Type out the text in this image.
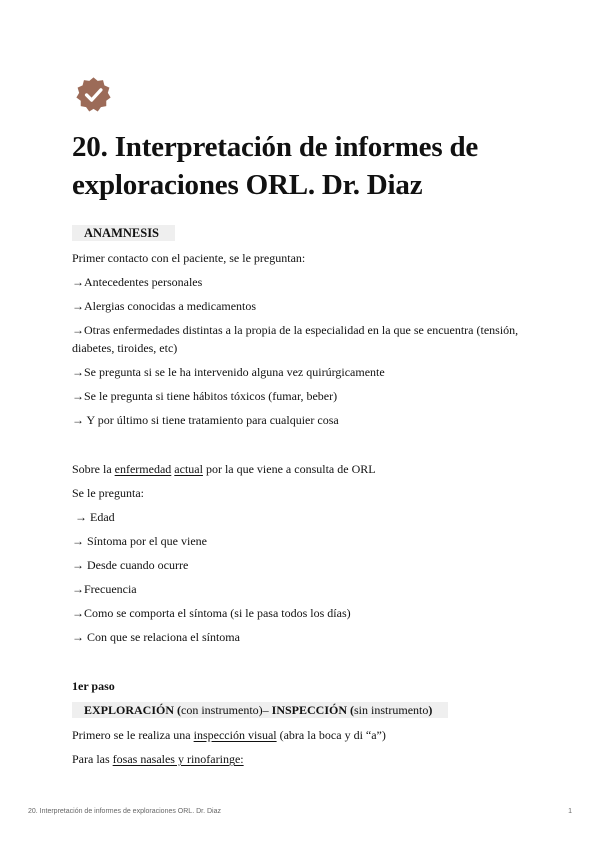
20. Interpretación de informes de exploraciones ORL. Dr. Diaz
ANAMNESIS
Primer contacto con el paciente, se le preguntan:
→Antecedentes personales
→Alergias conocidas a medicamentos
→Otras enfermedades distintas a la propia de la especialidad en la que se encuentra (tensión, diabetes, tiroides, etc)
→Se pregunta si se le ha intervenido alguna vez quirúrgicamente
→Se le pregunta si tiene hábitos tóxicos (fumar, beber)
→ Y por último si tiene tratamiento para cualquier cosa
Sobre la enfermedad actual por la que viene a consulta de ORL
Se le pregunta:
→ Edad
→ Síntoma por el que viene
→ Desde cuando ocurre
→Frecuencia
→Como se comporta el síntoma (si le pasa todos los días)
→ Con que se relaciona el síntoma
1er paso
EXPLORACIÓN (con instrumento)– INSPECCIÓN (sin instrumento)
Primero se le realiza una inspección visual (abra la boca y di “a”)
Para las fosas nasales y rinofaringe:
20. Interpretación de informes de exploraciones ORL. Dr. Diaz	1
